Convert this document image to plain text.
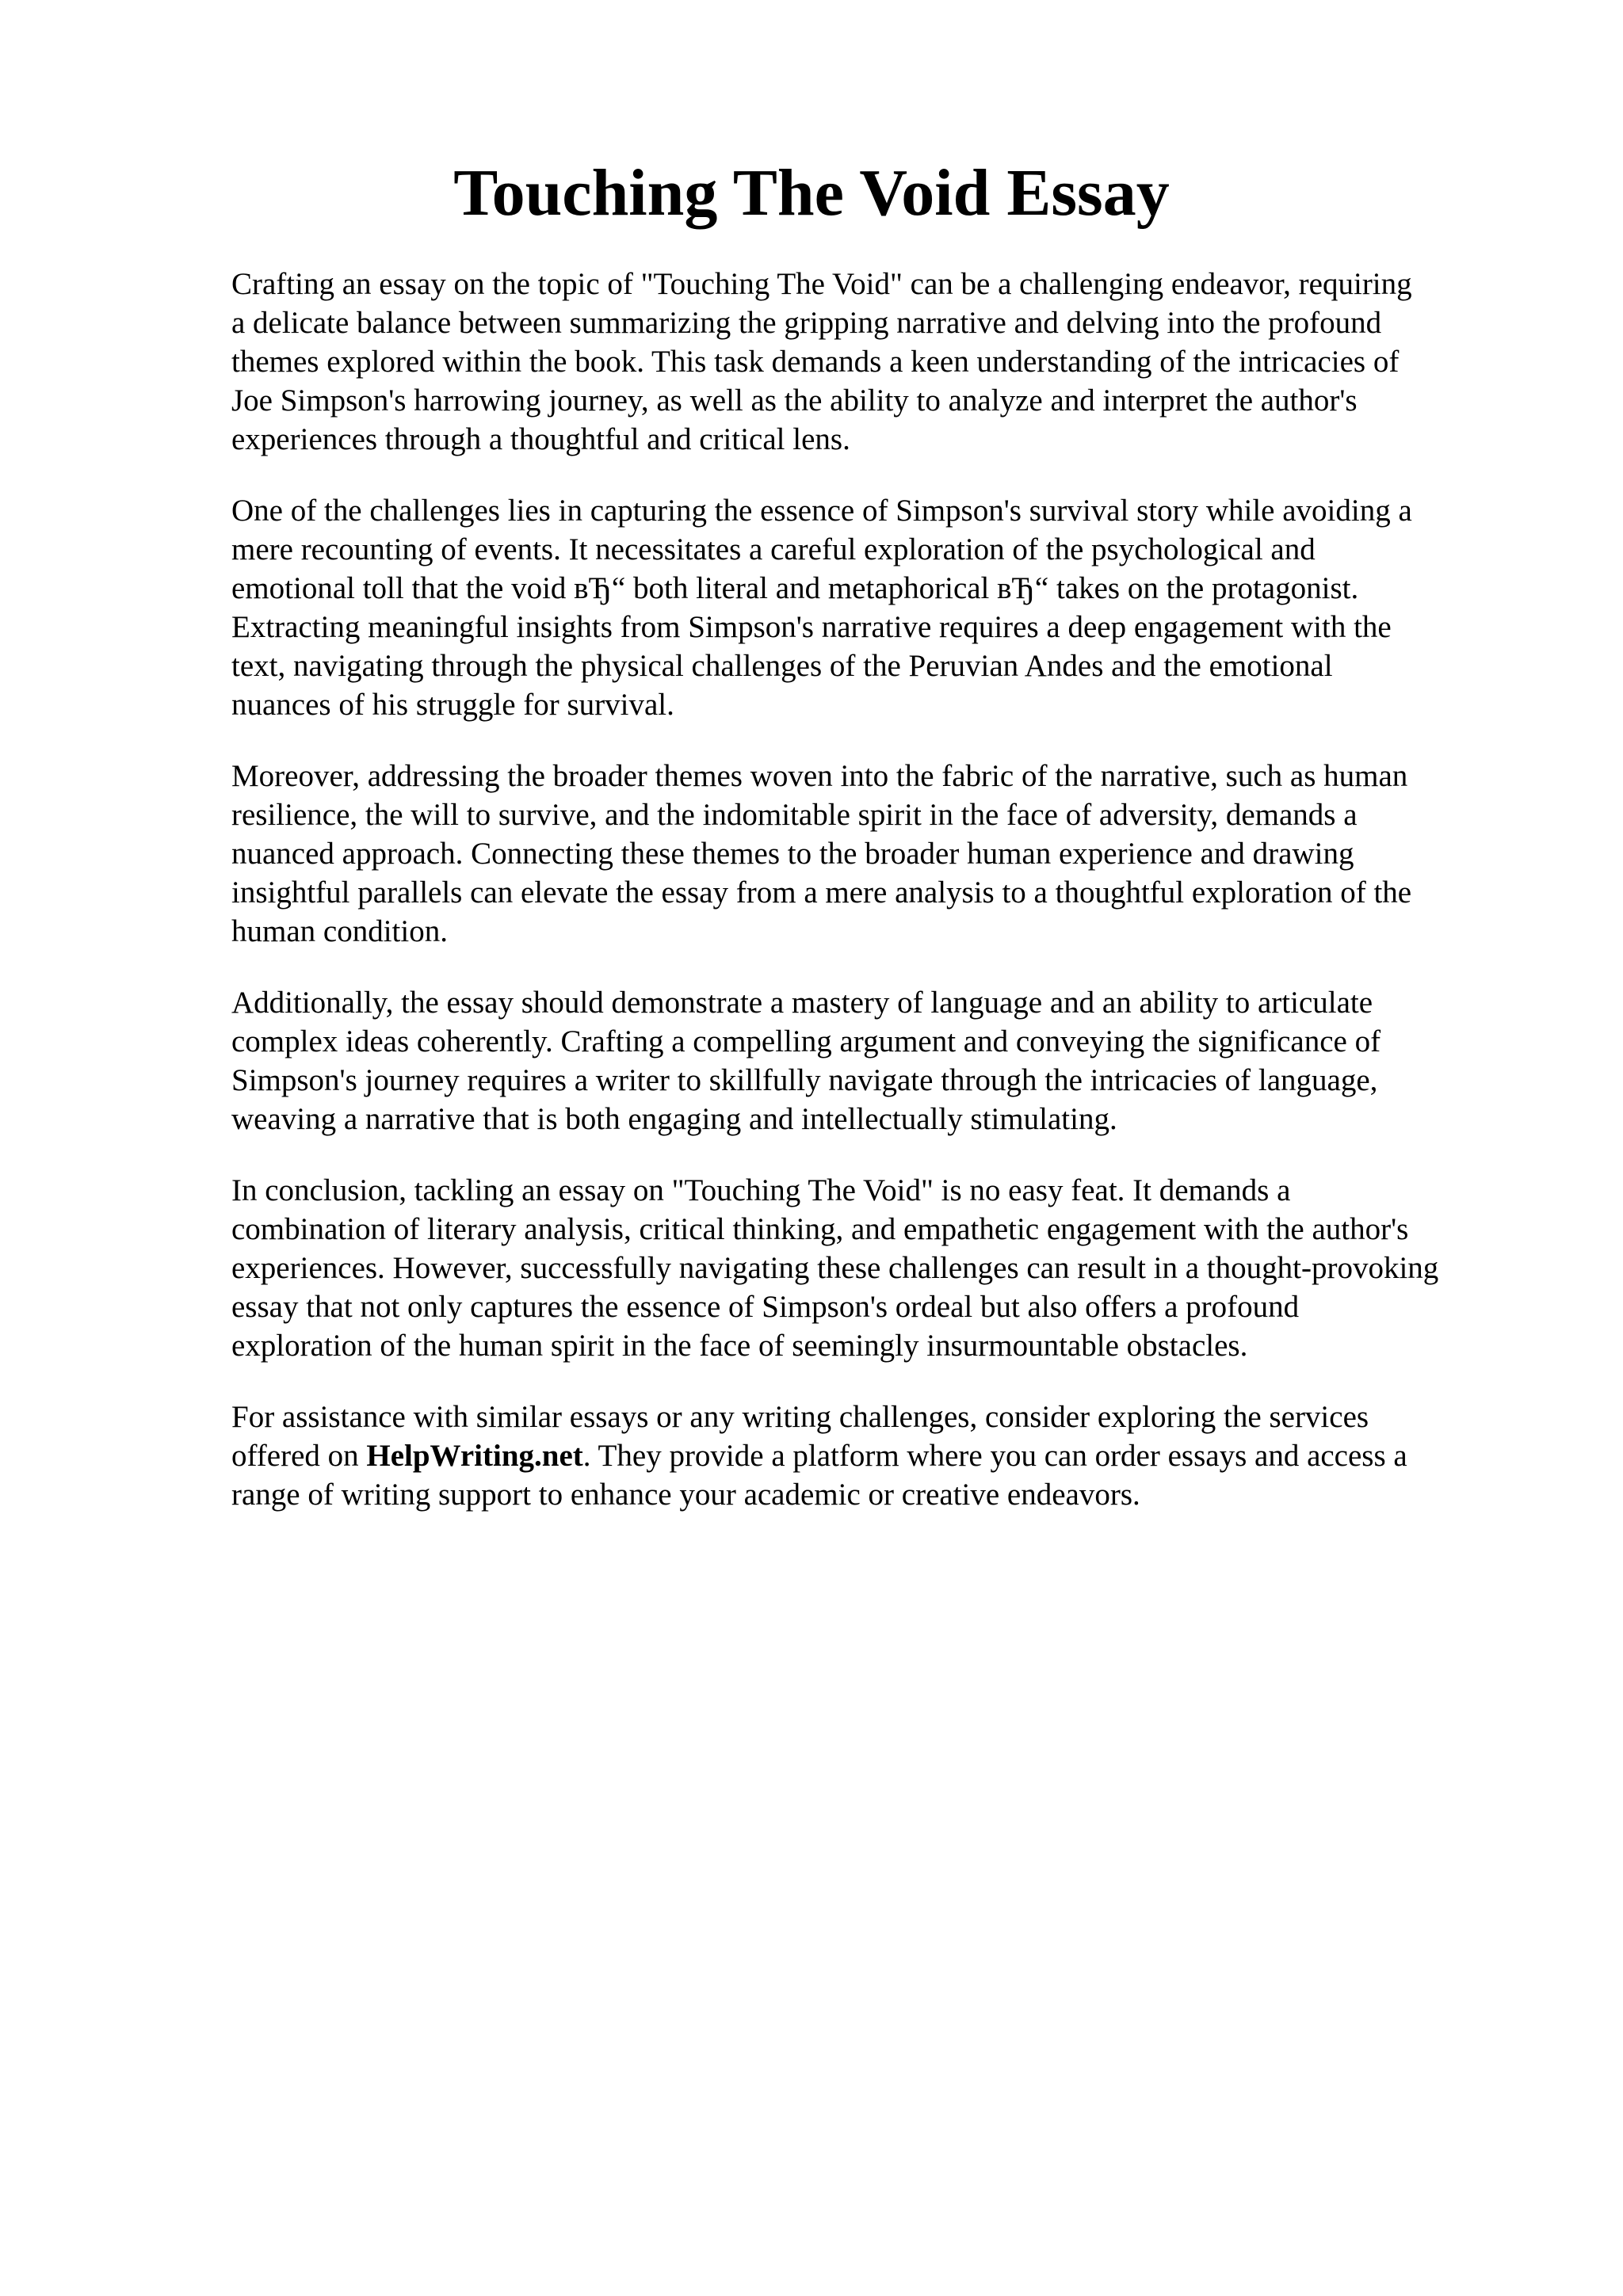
Touching The Void Essay

Crafting an essay on the topic of "Touching The Void" can be a challenging endeavor, requiring
a delicate balance between summarizing the gripping narrative and delving into the profound
themes explored within the book. This task demands a keen understanding of the intricacies of
Joe Simpson's harrowing journey, as well as the ability to analyze and interpret the author's
experiences through a thoughtful and critical lens.

One of the challenges lies in capturing the essence of Simpson's survival story while avoiding a
mere recounting of events. It necessitates a careful exploration of the psychological and
emotional toll that the void вЂ“ both literal and metaphorical вЂ“ takes on the protagonist.
Extracting meaningful insights from Simpson's narrative requires a deep engagement with the
text, navigating through the physical challenges of the Peruvian Andes and the emotional
nuances of his struggle for survival.

Moreover, addressing the broader themes woven into the fabric of the narrative, such as human
resilience, the will to survive, and the indomitable spirit in the face of adversity, demands a
nuanced approach. Connecting these themes to the broader human experience and drawing
insightful parallels can elevate the essay from a mere analysis to a thoughtful exploration of the
human condition.

Additionally, the essay should demonstrate a mastery of language and an ability to articulate
complex ideas coherently. Crafting a compelling argument and conveying the significance of
Simpson's journey requires a writer to skillfully navigate through the intricacies of language,
weaving a narrative that is both engaging and intellectually stimulating.

In conclusion, tackling an essay on "Touching The Void" is no easy feat. It demands a
combination of literary analysis, critical thinking, and empathetic engagement with the author's
experiences. However, successfully navigating these challenges can result in a thought-provoking
essay that not only captures the essence of Simpson's ordeal but also offers a profound
exploration of the human spirit in the face of seemingly insurmountable obstacles.

For assistance with similar essays or any writing challenges, consider exploring the services
offered on HelpWriting.net. They provide a platform where you can order essays and access a
range of writing support to enhance your academic or creative endeavors.
